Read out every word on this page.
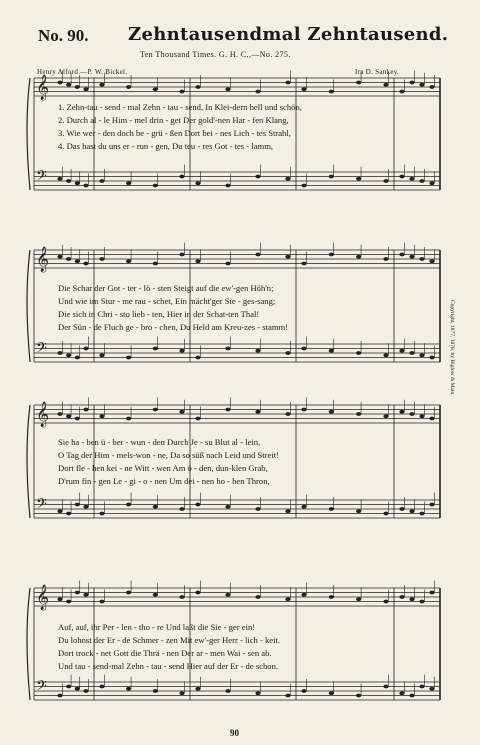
No. 90. Zehntausendmal Zehntausend.
Ten Thousand Times. G. H. C.,—No. 275.
Henry Alford.—P. W. Bickel.	Ira D. Sankey.
𝄞
𝄢
𝄞
𝄢
𝄞
𝄢
𝄞
𝄢
1. Zehn-tau - send - mal Zehn - tau - send, In Klei-dern hell und schön,
2. Durch al - le Him - mel drin - get Der gold'-nen Har - fen Klang,
3. Wie wer - den doch be - grü - ßen Dort bei - nes Lich - tes Strahl,
4. Das hast du uns er - run - gen, Du teu - res Got - tes - lamm,
Die Schar der Got - ter - lö - sten Steigt auf die ew'-gen Höh'n;
Und wie im Stur - me rau - schet, Ein mächt'ger Sie - ges-sang;
Die sich in Chri - sto lieb - ten, Hier in der Schat-ten Thal!
Der Sün - de Fluch ge - bro - chen, Du Held am Kreu-zes - stamm!
Sie ha - ben ü - ber - wun - den Durch Je - su Blut al - lein,
O Tag der Him - mels-won - ne, Da so süß nach Leid und Streit!
Dort fle - hen kei - ne Witt - wen Am ö - den, dun-klen Grab,
D'rum fin - gen Le - gi - o - nen Um dei - nen ho - hen Thron,
Auf, auf, ihr Per - len - tho - re Und laßt die Sie - ger ein!
Du lohnst der Er - de Schmer - zen Mit ew'-ger Herr - lich - keit.
Dort trock - net Gott die Thrä - nen Der ar - men Wai - sen ab.
Und tau - send-mal Zehn - tau - send Hier auf der Er - de schon.
Copyright, 1877, 1878, by Biglow & Main.
90
